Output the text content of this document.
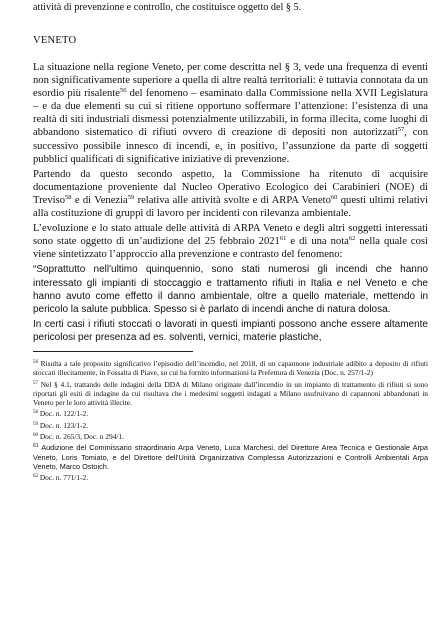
attività di prevenzione e controllo, che costituisce oggetto del § 5.
VENETO

La situazione nella regione Veneto, per come descritta nel § 3, vede una frequenza di eventi non significativamente superiore a quella di altre realtà territoriali: è tuttavia connotata da un esordio più risalente$^{56}$ del fenomeno – esaminato dalla Commissione nella XVII Legislatura – e da due elementi su cui si ritiene opportuno soffermare l’attenzione: l’esistenza di una realtà di siti industriali dismessi potenzialmente utilizzabili, in forma illecita, come luoghi di abbandono sistematico di rifiuti ovvero di creazione di depositi non autorizzati$^{57}$, con successivo possibile innesco di incendi, e, in positivo, l’assunzione da parte di soggetti pubblici qualificati di significative iniziative di prevenzione.

Partendo da questo secondo aspetto, la Commissione ha ritenuto di acquisire documentazione proveniente dal Nucleo Operativo Ecologico dei Carabinieri (NOE) di Treviso$^{58}$ e di Venezia$^{59}$ relativa alle attività svolte e di ARPA Veneto$^{60}$ questi ultimi relativi alla costituzione di gruppi di lavoro per incidenti con rilevanza ambientale.

L’evoluzione e lo stato attuale delle attività di ARPA Veneto e degli altri soggetti interessati sono state oggetto di un’audizione del 25 febbraio 2021$^{61}$ e di una nota$^{62}$ nella quale così viene sintetizzato l’approccio alla prevenzione e contrasto del fenomeno:

“Soprattutto nell'ultimo quinquennio, sono stati numerosi gli incendi che hanno interessato gli impianti di stoccaggio e trattamento rifiuti in Italia e nel Veneto e che hanno avuto come effetto il danno ambientale, oltre a quello materiale, mettendo in pericolo la salute pubblica. Spesso si è parlato di incendi anche di natura dolosa.

In certi casi i rifiuti stoccati o lavorati in questi impianti possono anche essere altamente pericolosi per presenza ad es. solventi, vernici, materie plastiche,

$^{56}$ Risulta a tale proposito significativo l’episodio dell’incendio, nel 2018, di un capannone industriale adibito a deposito di rifiuti stoccati illecitamente, in Fossalta di Piave, su cui ha fornito informazioni la Prefettura di Venezia (Doc. n. 257/1-2)

$^{57}$ Nel § 4.1, trattando delle indagini della DDA di Milano originate dall’incendio in un impianto di trattamento di rifiuti si sono riportati gli esiti di indagine da cui risultava che i medesimi soggetti indagati a Milano usufruivano di capannoni abbandonati in Veneto per le loro attività illecite.

$^{58}$ Doc. n. 122/1-2.

$^{59}$ Doc. n. 123/1-2.

$^{60}$ Doc. n. 265/3, Doc. n 294/1.

$^{61}$ Audizione del Commissario straordinario Arpa Veneto, Luca Marchesi, del Direttore Area Tecnica e Gestionale Arpa Veneto, Loris Tomiato, e del Direttore dell'Unità Organizzativa Complessa Autorizzazioni e Controlli Ambientali Arpa Veneto, Marco Ostoich.

$^{62}$ Doc. n. 771/1-2.
